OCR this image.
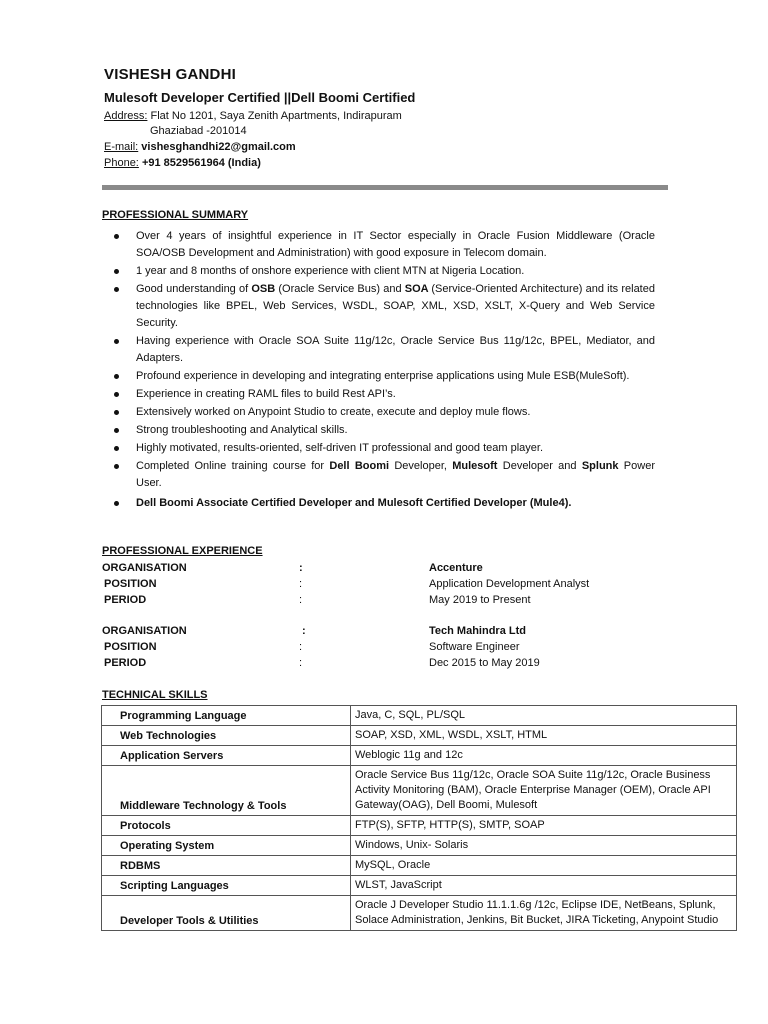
VISHESH GANDHI
Mulesoft Developer Certified ||Dell Boomi Certified
Address: Flat No 1201, Saya Zenith Apartments, Indirapuram
Ghaziabad -201014
E-mail: vishesghandhi22@gmail.com
Phone: +91 8529561964 (India)
PROFESSIONAL SUMMARY
Over 4 years of insightful experience in IT Sector especially in Oracle Fusion Middleware (Oracle SOA/OSB Development and Administration) with good exposure in Telecom domain.
1 year and 8 months of onshore experience with client MTN at Nigeria Location.
Good understanding of OSB (Oracle Service Bus) and SOA (Service-Oriented Architecture) and its related technologies like BPEL, Web Services, WSDL, SOAP, XML, XSD, XSLT, X-Query and Web Service Security.
Having experience with Oracle SOA Suite 11g/12c, Oracle Service Bus 11g/12c, BPEL, Mediator, and Adapters.
Profound experience in developing and integrating enterprise applications using Mule ESB(MuleSoft).
Experience in creating RAML files to build Rest API’s.
Extensively worked on Anypoint Studio to create, execute and deploy mule flows.
Strong troubleshooting and Analytical skills.
Highly motivated, results-oriented, self-driven IT professional and good team player.
Completed Online training course for Dell Boomi Developer, Mulesoft Developer and Splunk Power User.
Dell Boomi Associate Certified Developer and Mulesoft Certified Developer (Mule4).
PROFESSIONAL EXPERIENCE
ORGANISATION	:	Accenture
POSITION	:	Application Development Analyst
PERIOD	:	May 2019 to Present
ORGANISATION	:	Tech Mahindra Ltd
POSITION	:	Software Engineer
PERIOD	:	Dec 2015 to May 2019
TECHNICAL SKILLS
Programming Language	Java, C, SQL, PL/SQL
Web Technologies	SOAP, XSD, XML, WSDL, XSLT, HTML
Application Servers	Weblogic 11g and 12c
Middleware Technology & Tools	Oracle Service Bus 11g/12c, Oracle SOA Suite 11g/12c, Oracle Business Activity Monitoring (BAM), Oracle Enterprise Manager (OEM), Oracle API Gateway(OAG), Dell Boomi, Mulesoft
Protocols	FTP(S), SFTP, HTTP(S), SMTP, SOAP
Operating System	Windows, Unix- Solaris
RDBMS	MySQL, Oracle
Scripting Languages	WLST, JavaScript
Developer Tools & Utilities	Oracle J Developer Studio 11.1.1.6g /12c, Eclipse IDE, NetBeans, Splunk, Solace Administration, Jenkins, Bit Bucket, JIRA Ticketing, Anypoint Studio
